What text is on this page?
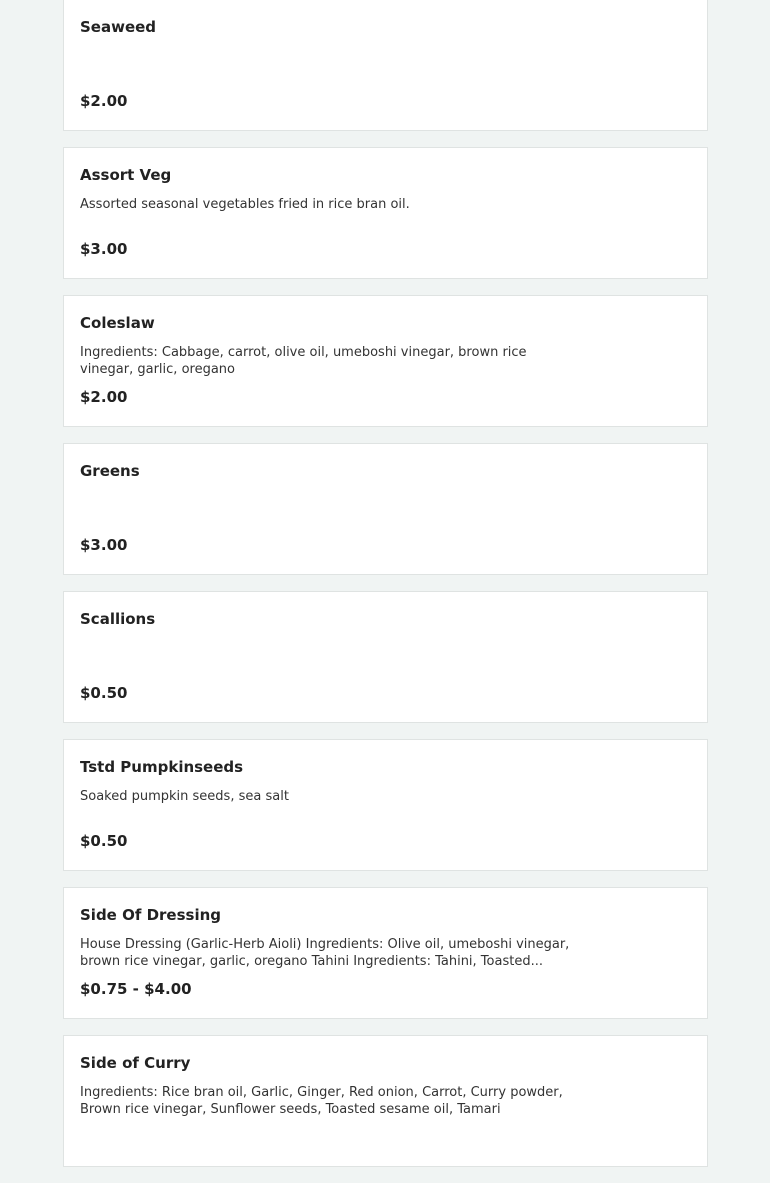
Seaweed
$2.00
Assort Veg
Assorted seasonal vegetables fried in rice bran oil.
$3.00
Coleslaw
Ingredients: Cabbage, carrot, olive oil, umeboshi vinegar, brown rice vinegar, garlic, oregano
$2.00
Greens
$3.00
Scallions
$0.50
Tstd Pumpkinseeds
Soaked pumpkin seeds, sea salt
$0.50
Side Of Dressing
House Dressing (Garlic-Herb Aioli) Ingredients: Olive oil, umeboshi vinegar, brown rice vinegar, garlic, oregano Tahini Ingredients: Tahini, Toasted...
$0.75 - $4.00
Side of Curry
Ingredients: Rice bran oil, Garlic, Ginger, Red onion, Carrot, Curry powder, Brown rice vinegar, Sunflower seeds, Toasted sesame oil, Tamari
